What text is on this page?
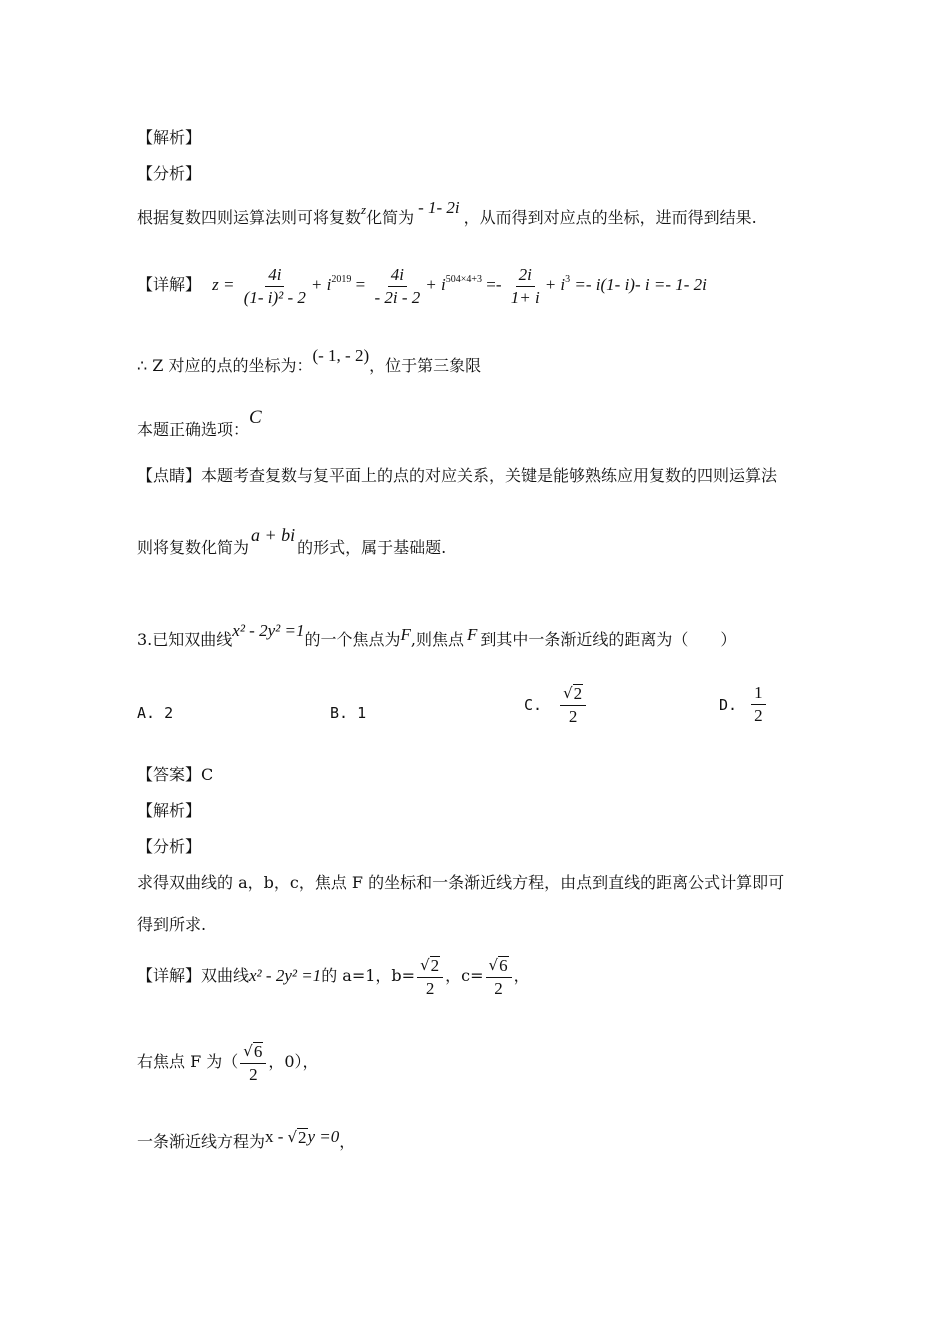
【解析】
【分析】
根据复数四则运算法则可将复数$^z$化简为- 1- 2i，从而得到对应点的坐标，进而得到结果.
【详解】 $z = \frac{4i}{\text{(1- i)² - 2}} + i^{2019} = \frac{4i}{- 2i - 2} + i^{504\times 4+3} =- \frac{2i}{1+ i} + i^3 =- i(1-$ i)- i =- 1- 2i
∴ Z 对应的点的坐标为：(- 1, - 2)，位于第三象限
本题正确选项：C
【点睛】本题考查复数与复平面上的点的对应关系，关键是能够熟练应用复数的四则运算法
则将复数化简为a + bi的形式，属于基础题.
3.已知双曲线x² - 2y² =1的一个焦点为F,则焦点 F 到其中一条渐近线的距离为（　　）
A. 2	B. 1	C. $\frac{√ 2}{2}$	D. $\frac{1}{2}$
【答案】C
【解析】
【分析】
求得双曲线的 a，b，c，焦点 F 的坐标和一条渐近线方程，由点到直线的距离公式计算即可
得到所求.
【详解】双曲线x² - 2y² =1的 a=1，$b= \frac{√ 2}{2}$ ，$c= \frac{√ 6}{2}$ ，
右焦点 F 为（ $\frac{√ 6}{2}$ ，0），
一条渐近线方程为x - √ 2 y =0，
